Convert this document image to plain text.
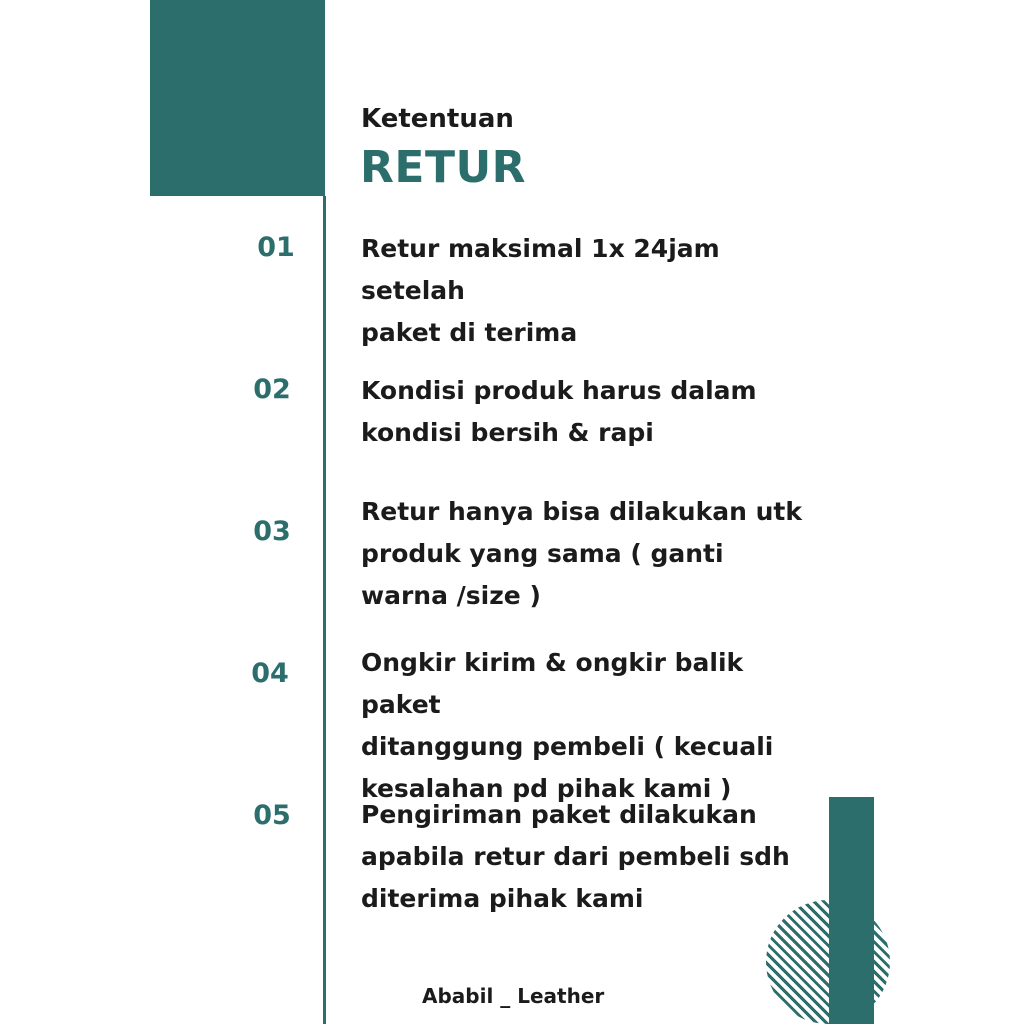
Ketentuan
RETUR
01	Retur maksimal 1x 24jam setelah
paket di terima
02	Kondisi produk harus dalam
kondisi bersih & rapi
03
Retur hanya bisa dilakukan utk
produk yang sama ( ganti
warna /size )
04	Ongkir kirim & ongkir balik paket
ditanggung pembeli ( kecuali
kesalahan pd pihak kami )
05	Pengiriman paket dilakukan
apabila retur dari pembeli sdh
diterima pihak kami
Ababil _ Leather
